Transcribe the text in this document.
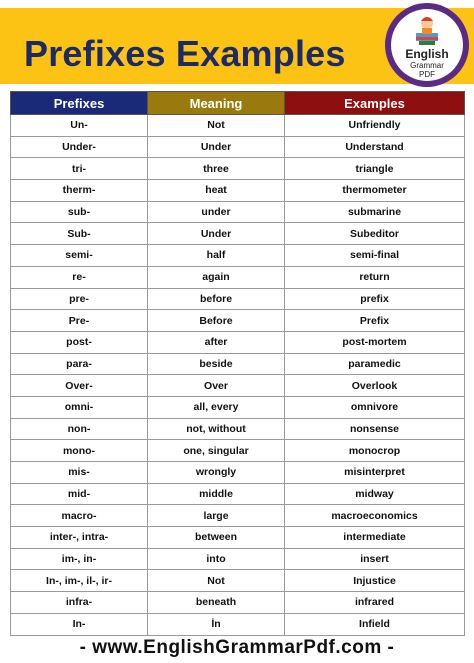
Prefixes Examples	English
Grammar
PDF
Prefixes	Meaning	Examples
Un-	Not	Unfriendly
Under-	Under	Understand
tri-	three	triangle
therm-	heat	thermometer
sub-	under	submarine
Sub-	Under	Subeditor
semi-	half	semi-final
re-	again	return
pre-	before	prefix
Pre-	Before	Prefix
post-	after	post-mortem
para-	beside	paramedic
Over-	Over	Overlook
omni-	all, every	omnivore
non-	not, without	nonsense
mono-	one, singular	monocrop
mis-	wrongly	misinterpret
mid-	middle	midway
macro-	large	macroeconomics
inter-, intra-	between	intermediate
im-, in-	into	insert
In-, im-, il-, ir-	Not	Injustice
infra-	beneath	infrared
In-	İn	Infield
- www.EnglishGrammarPdf.com -
